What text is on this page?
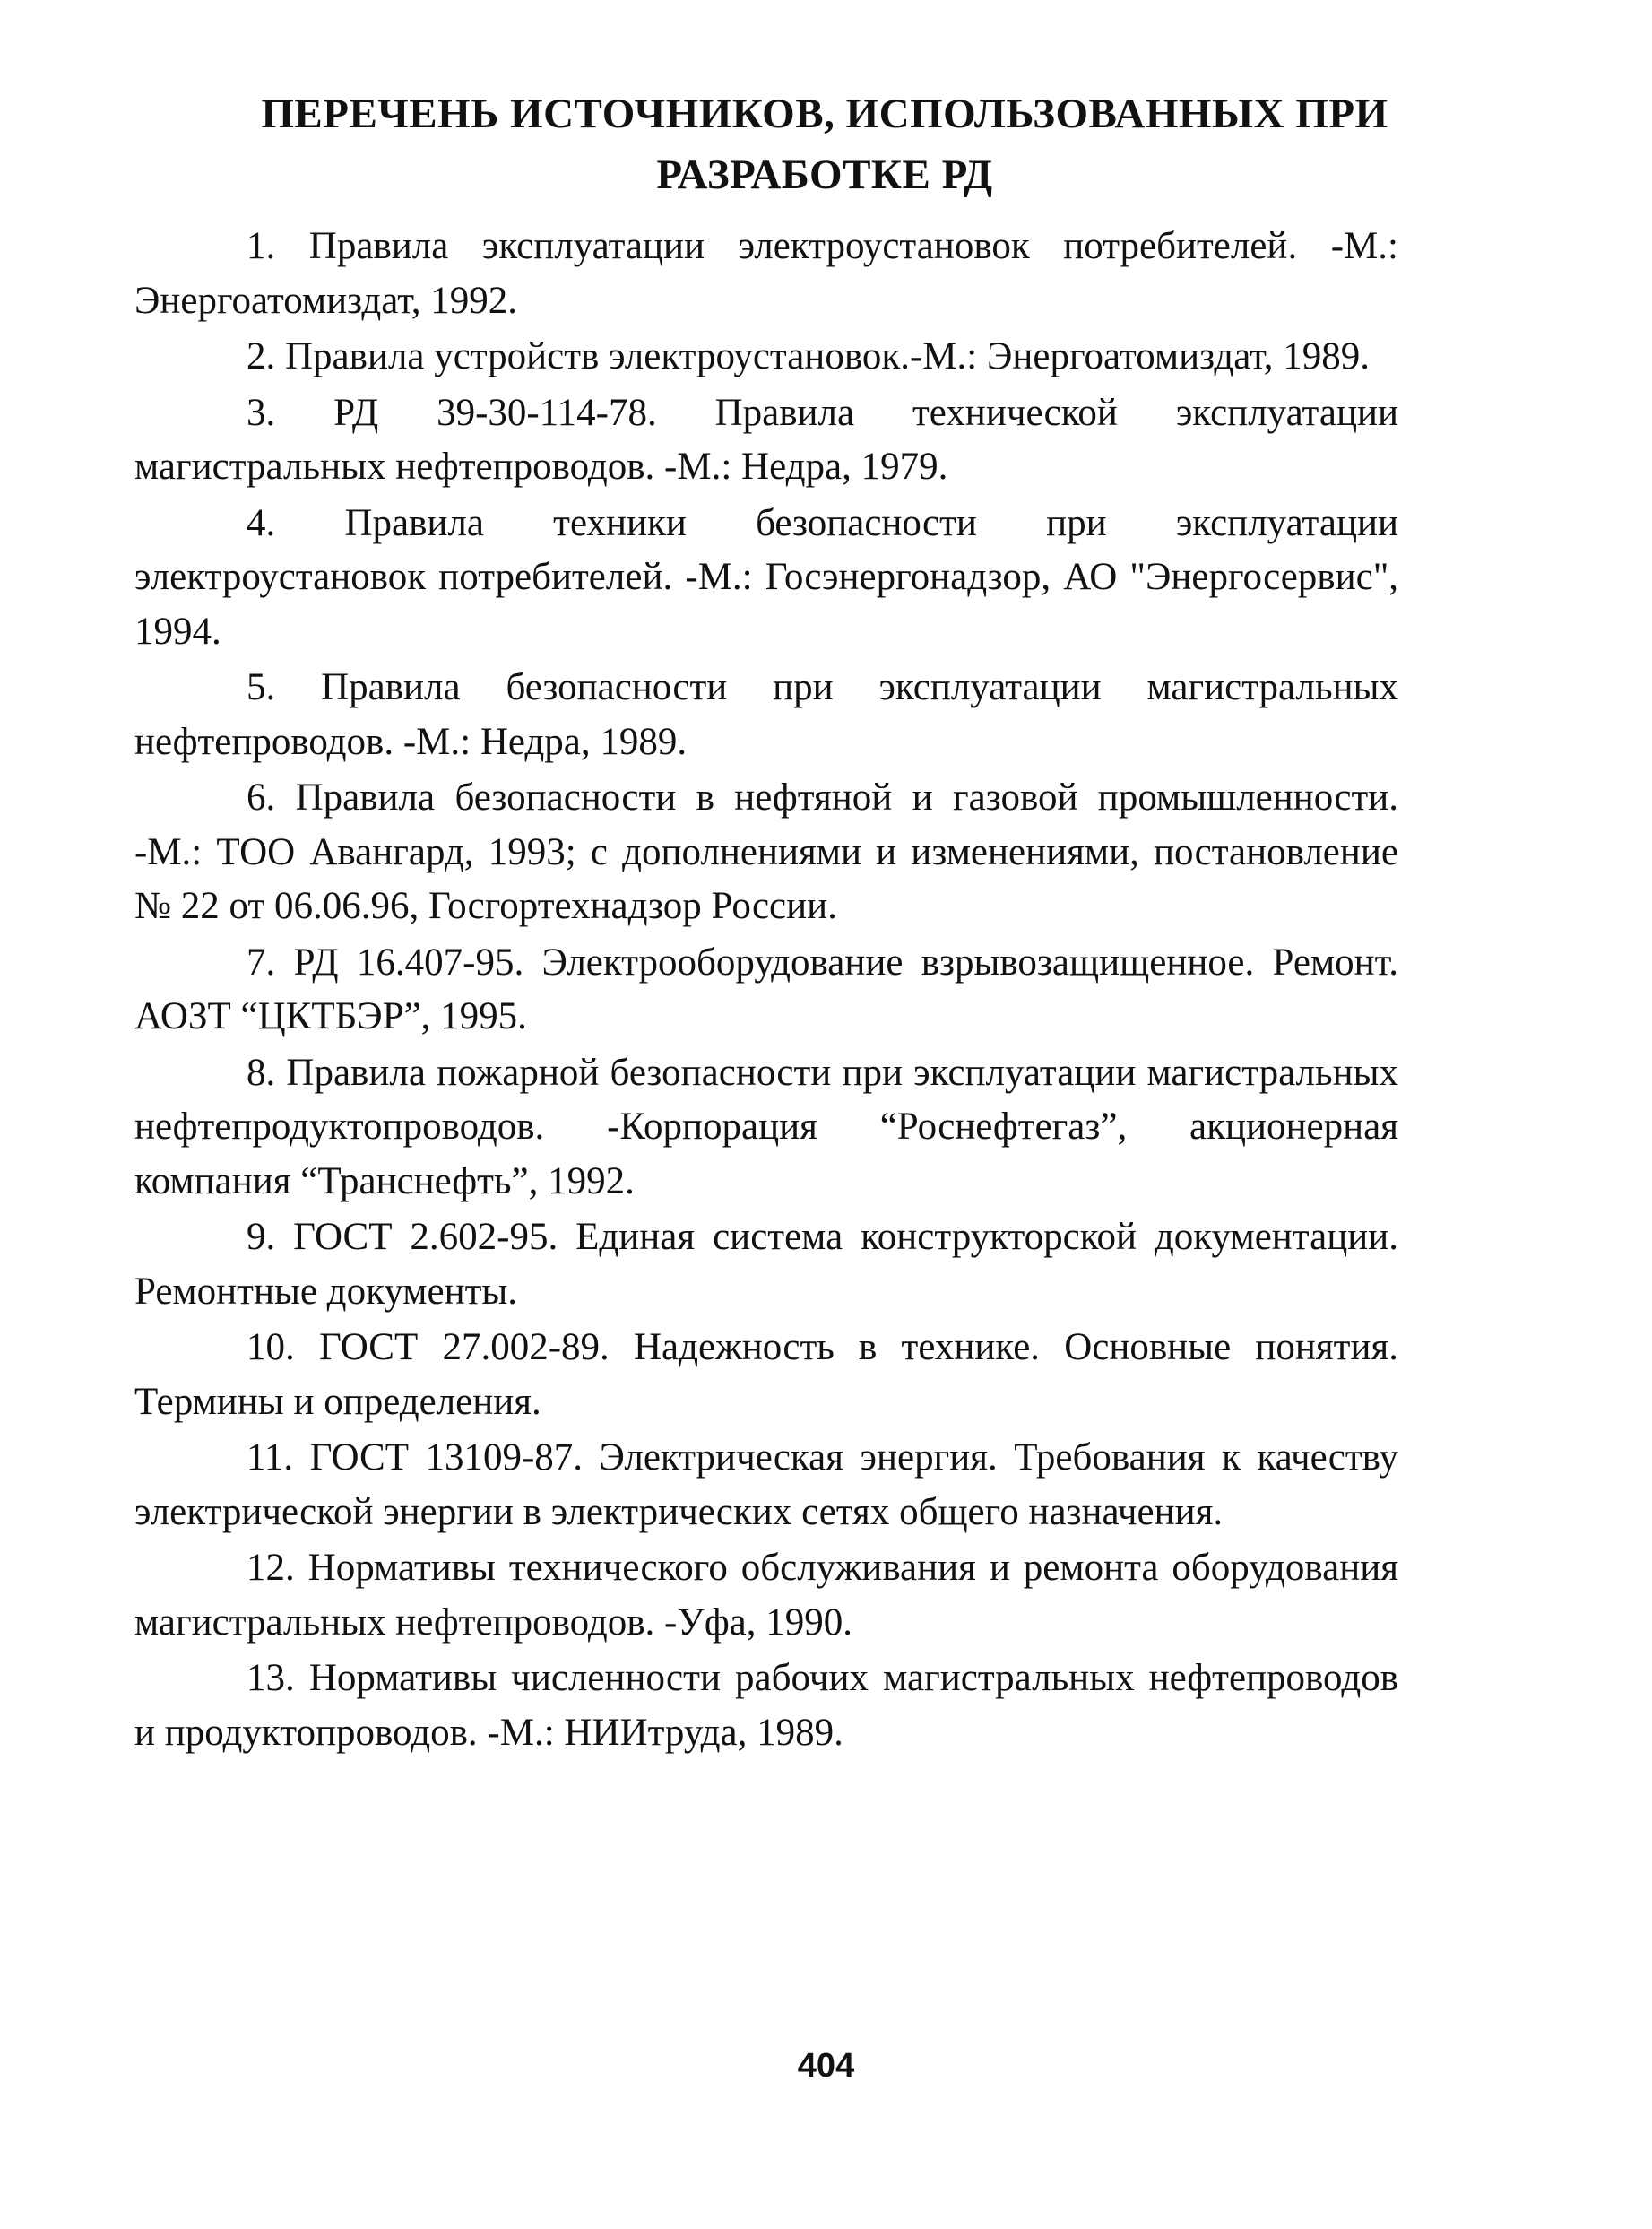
ПЕРЕЧЕНЬ ИСТОЧНИКОВ, ИСПОЛЬЗОВАННЫХ ПРИ
РАЗРАБОТКЕ РД

1. Правила эксплуатации электроустановок потребителей. -М.: Энергоатомиздат, 1992.

2. Правила устройств электроустановок.-М.: Энергоатомиздат, 1989.

3. РД 39-30-114-78. Правила технической эксплуатации магистральных нефтепроводов. -М.: Недра, 1979.

4. Правила техники безопасности при эксплуатации электроустановок потребителей. -М.: Госэнергонадзор, АО "Энергосервис", 1994.

5. Правила безопасности при эксплуатации магистральных нефтепроводов. -М.: Недра, 1989.

6. Правила безопасности в нефтяной и газовой промышленности. -М.: ТОО Авангард, 1993; с дополнениями и изменениями, постановление № 22 от 06.06.96, Госгортехнадзор России.

7. РД 16.407-95. Электрооборудование взрывозащищенное. Ремонт. АОЗТ “ЦКТБЭР”, 1995.

8. Правила пожарной безопасности при эксплуатации магистральных нефтепродуктопроводов. -Корпорация “Роснефтегаз”, акционерная компания “Транснефть”, 1992.

9. ГОСТ 2.602-95. Единая система конструкторской документации. Ремонтные документы.

10. ГОСТ 27.002-89. Надежность в технике. Основные понятия. Термины и определения.

11. ГОСТ 13109-87. Электрическая энергия. Требования к качеству электрической энергии в электрических сетях общего назначения.

12. Нормативы технического обслуживания и ремонта оборудования магистральных нефтепроводов. -Уфа, 1990.

13. Нормативы численности рабочих магистральных нефтепроводов и продуктопроводов. -М.: НИИтруда, 1989.

404
